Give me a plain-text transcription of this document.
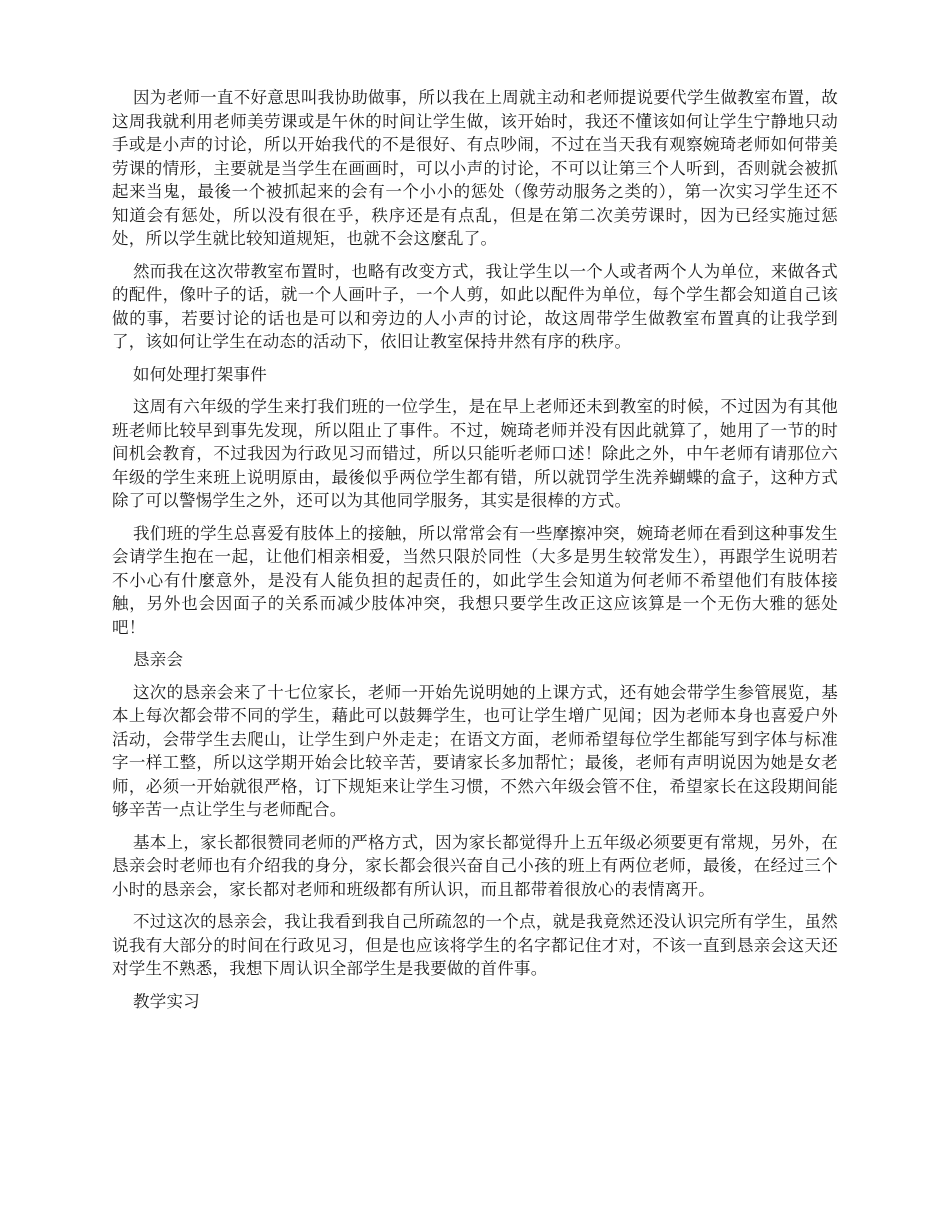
因为老师一直不好意思叫我协助做事，所以我在上周就主动和老师提说要代学生做教室布置，故这周我就利用老师美劳课或是午休的时间让学生做，该开始时，我还不懂该如何让学生宁静地只动手或是小声的讨论，所以开始我代的不是很好、有点吵闹，不过在当天我有观察婉琦老师如何带美劳课的情形，主要就是当学生在画画时，可以小声的讨论，不可以让第三个人听到，否则就会被抓起来当鬼，最後一个被抓起来的会有一个小小的惩处（像劳动服务之类的），第一次实习学生还不知道会有惩处，所以没有很在乎，秩序还是有点乱，但是在第二次美劳课时，因为已经实施过惩处，所以学生就比较知道规矩，也就不会这麼乱了。

然而我在这次带教室布置时，也略有改变方式，我让学生以一个人或者两个人为单位，来做各式的配件，像叶子的话，就一个人画叶子，一个人剪，如此以配件为单位，每个学生都会知道自己该做的事，若要讨论的话也是可以和旁边的人小声的讨论，故这周带学生做教室布置真的让我学到了，该如何让学生在动态的活动下，依旧让教室保持井然有序的秩序。

如何处理打架事件

这周有六年级的学生来打我们班的一位学生，是在早上老师还未到教室的时候，不过因为有其他班老师比较早到事先发现，所以阻止了事件。不过，婉琦老师并没有因此就算了，她用了一节的时间机会教育，不过我因为行政见习而错过，所以只能听老师口述！除此之外，中午老师有请那位六年级的学生来班上说明原由，最後似乎两位学生都有错，所以就罚学生洗养蝴蝶的盒子，这种方式除了可以警惕学生之外，还可以为其他同学服务，其实是很棒的方式。

我们班的学生总喜爱有肢体上的接触，所以常常会有一些摩擦冲突，婉琦老师在看到这种事发生会请学生抱在一起，让他们相亲相爱，当然只限於同性（大多是男生较常发生），再跟学生说明若不小心有什麼意外，是没有人能负担的起责任的，如此学生会知道为何老师不希望他们有肢体接触，另外也会因面子的关系而减少肢体冲突，我想只要学生改正这应该算是一个无伤大雅的惩处吧！

恳亲会

这次的恳亲会来了十七位家长，老师一开始先说明她的上课方式，还有她会带学生参管展览，基本上每次都会带不同的学生，藉此可以鼓舞学生，也可让学生增广见闻；因为老师本身也喜爱户外活动，会带学生去爬山，让学生到户外走走；在语文方面，老师希望每位学生都能写到字体与标准字一样工整，所以这学期开始会比较辛苦，要请家长多加帮忙；最後，老师有声明说因为她是女老师，必须一开始就很严格，订下规矩来让学生习惯，不然六年级会管不住，希望家长在这段期间能够辛苦一点让学生与老师配合。

基本上，家长都很赞同老师的严格方式，因为家长都觉得升上五年级必须要更有常规，另外，在恳亲会时老师也有介绍我的身分，家长都会很兴奋自己小孩的班上有两位老师，最後，在经过三个小时的恳亲会，家长都对老师和班级都有所认识，而且都带着很放心的表情离开。

不过这次的恳亲会，我让我看到我自己所疏忽的一个点，就是我竟然还没认识完所有学生，虽然说我有大部分的时间在行政见习，但是也应该将学生的名字都记住才对，不该一直到恳亲会这天还对学生不熟悉，我想下周认识全部学生是我要做的首件事。

教学实习
